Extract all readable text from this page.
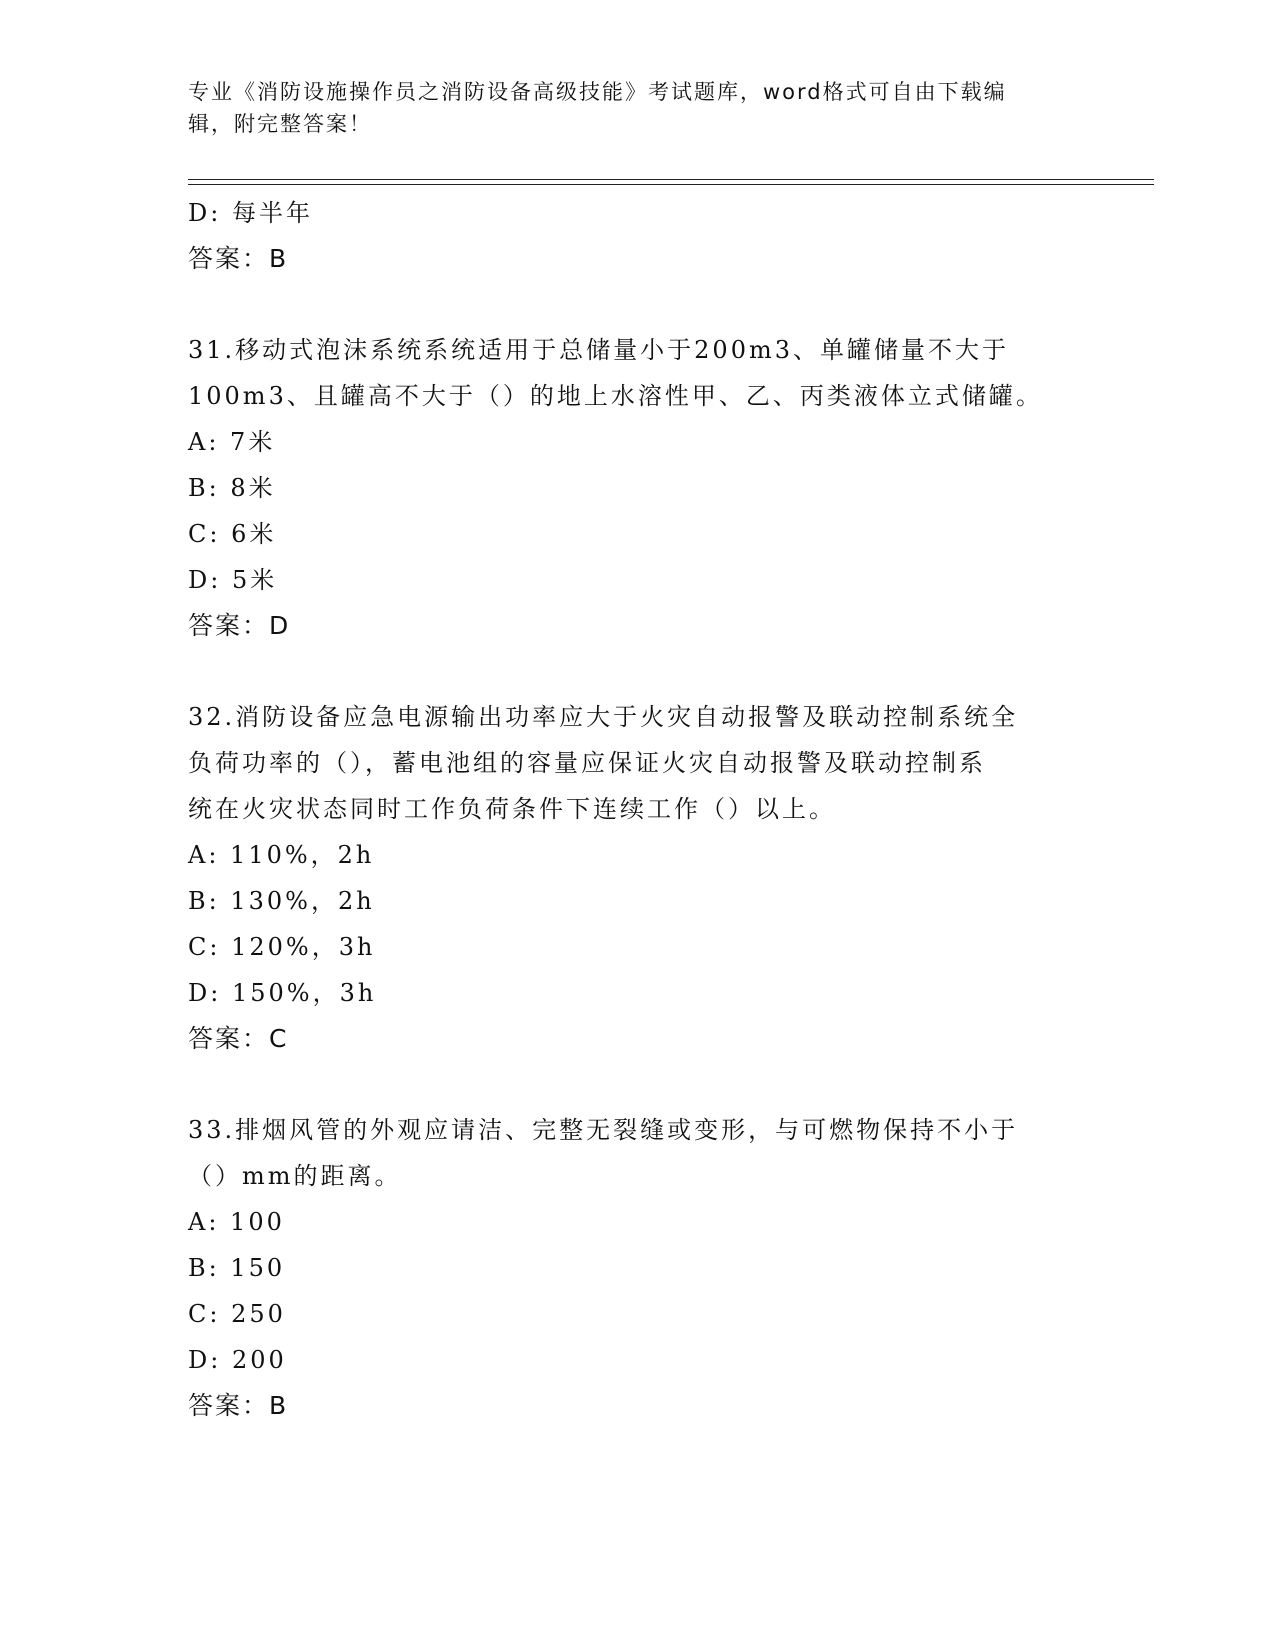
专业《消防设施操作员之消防设备高级技能》考试题库，word格式可自由下载编
辑，附完整答案！
D: 每半年
答案：B
31.移动式泡沫系统系统适用于总储量小于200m3、单罐储量不大于
100m3、且罐高不大于（）的地上水溶性甲、乙、丙类液体立式储罐。
A: 7米
B: 8米
C: 6米
D: 5米
答案：D
32.消防设备应急电源输出功率应大于火灾自动报警及联动控制系统全
负荷功率的（），蓄电池组的容量应保证火灾自动报警及联动控制系
统在火灾状态同时工作负荷条件下连续工作（）以上。
A: 110%，2h
B: 130%，2h
C: 120%，3h
D: 150%，3h
答案：C
33.排烟风管的外观应请洁、完整无裂缝或变形，与可燃物保持不小于
（）mm的距离。
A: 100
B: 150
C: 250
D: 200
答案：B
